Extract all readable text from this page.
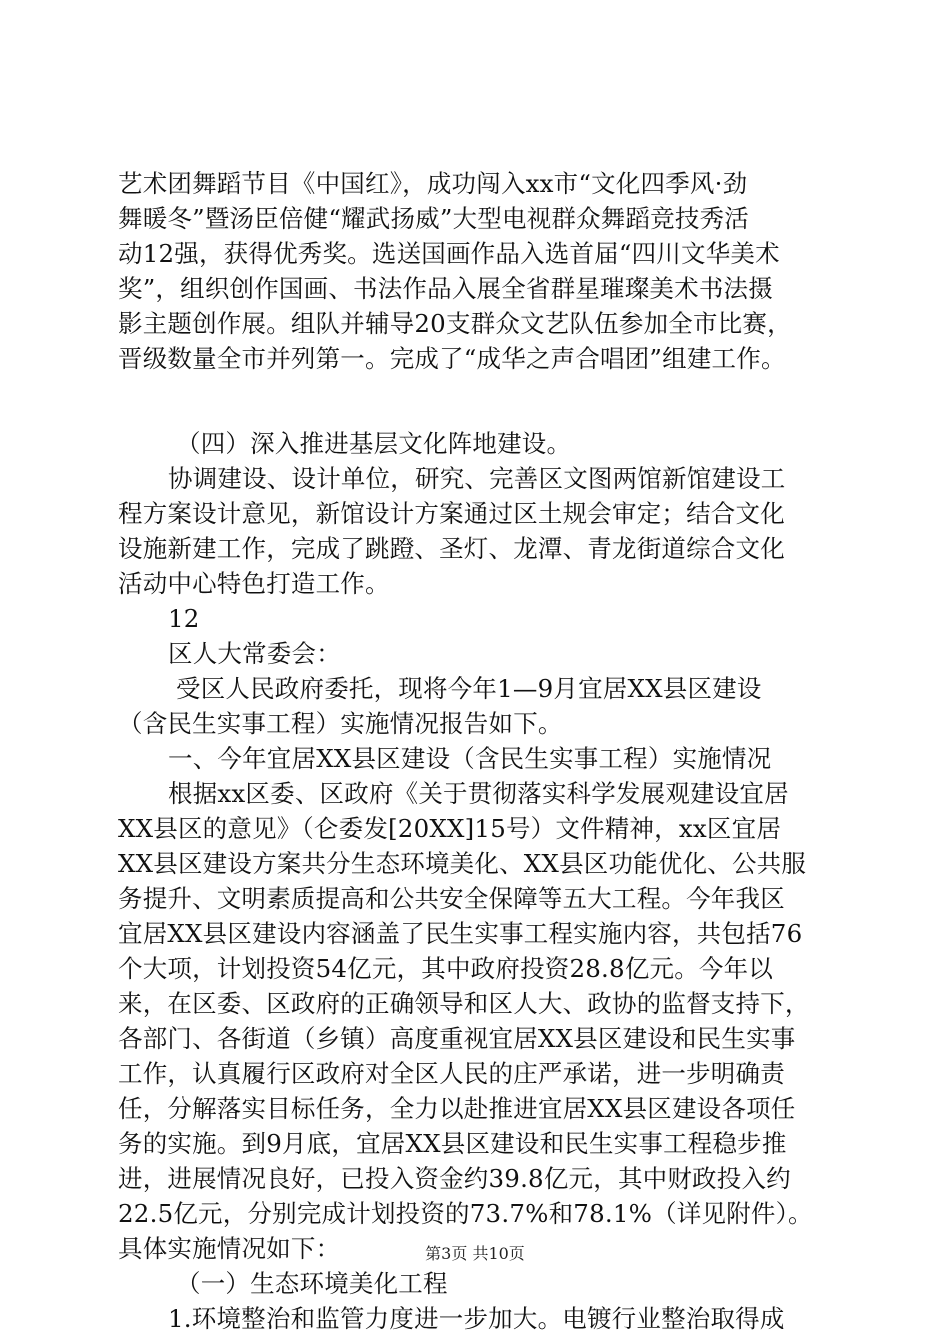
艺术团舞蹈节目《中国红》，成功闯入xx市“文化四季风·劲
舞暖冬”暨汤臣倍健“耀武扬威”大型电视群众舞蹈竞技秀活
动12强，获得优秀奖。选送国画作品入选首届“四川文华美术
奖”，组织创作国画、书法作品入展全省群星璀璨美术书法摄
影主题创作展。组队并辅导20支群众文艺队伍参加全市比赛，
晋级数量全市并列第一。完成了“成华之声合唱团”组建工作。
（四）深入推进基层文化阵地建设。
协调建设、设计单位，研究、完善区文图两馆新馆建设工
程方案设计意见，新馆设计方案通过区土规会审定；结合文化
设施新建工作，完成了跳蹬、圣灯、龙潭、青龙街道综合文化
活动中心特色打造工作。
12
区人大常委会：
受区人民政府委托，现将今年1—9月宜居XX县区建设
（含民生实事工程）实施情况报告如下。
一、今年宜居XX县区建设（含民生实事工程）实施情况
根据xx区委、区政府《关于贯彻落实科学发展观建设宜居
XX县区的意见》（仑委发[20XX]15号）文件精神，xx区宜居
XX县区建设方案共分生态环境美化、XX县区功能优化、公共服
务提升、文明素质提高和公共安全保障等五大工程。今年我区
宜居XX县区建设内容涵盖了民生实事工程实施内容，共包括76
个大项，计划投资54亿元，其中政府投资28.8亿元。今年以
来，在区委、区政府的正确领导和区人大、政协的监督支持下，
各部门、各街道（乡镇）高度重视宜居XX县区建设和民生实事
工作，认真履行区政府对全区人民的庄严承诺，进一步明确责
任，分解落实目标任务，全力以赴推进宜居XX县区建设各项任
务的实施。到9月底，宜居XX县区建设和民生实事工程稳步推
进，进展情况良好，已投入资金约39.8亿元，其中财政投入约
22.5亿元，分别完成计划投资的73.7%和78.1%（详见附件）。
具体实施情况如下：
（一）生态环境美化工程
1.环境整治和监管力度进一步加大。电镀行业整治取得成
第3页 共10页
